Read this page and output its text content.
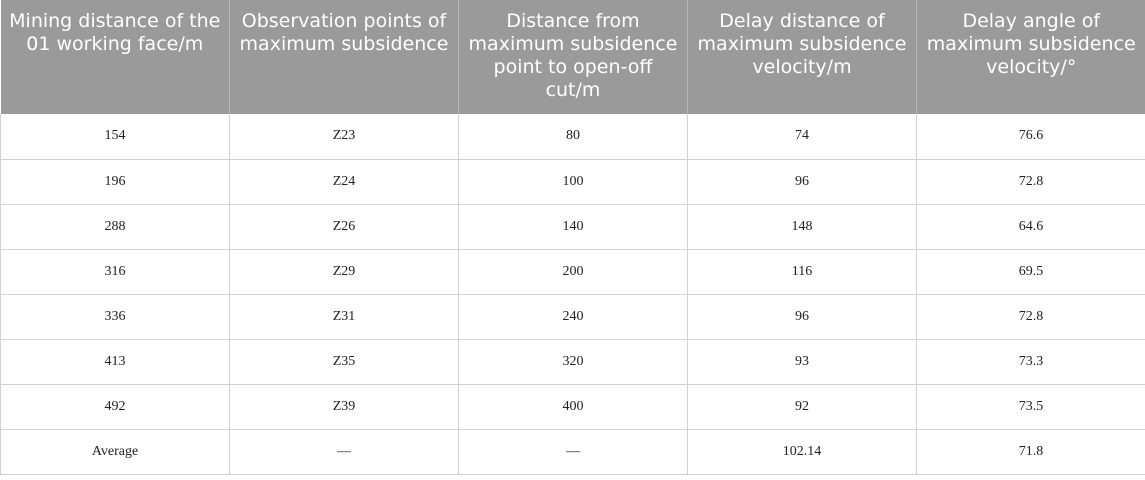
Mining distance of the 01 working face/m	Observation points of maximum subsidence	Distance from maximum subsidence point to open-off cut/m	Delay distance of maximum subsidence velocity/m	Delay angle of maximum subsidence velocity/°

154	Z23	80	74	76.6
196	Z24	100	96	72.8
288	Z26	140	148	64.6
316	Z29	200	116	69.5
336	Z31	240	96	72.8
413	Z35	320	93	73.3
492	Z39	400	92	73.5
Average	—	—	102.14	71.8
